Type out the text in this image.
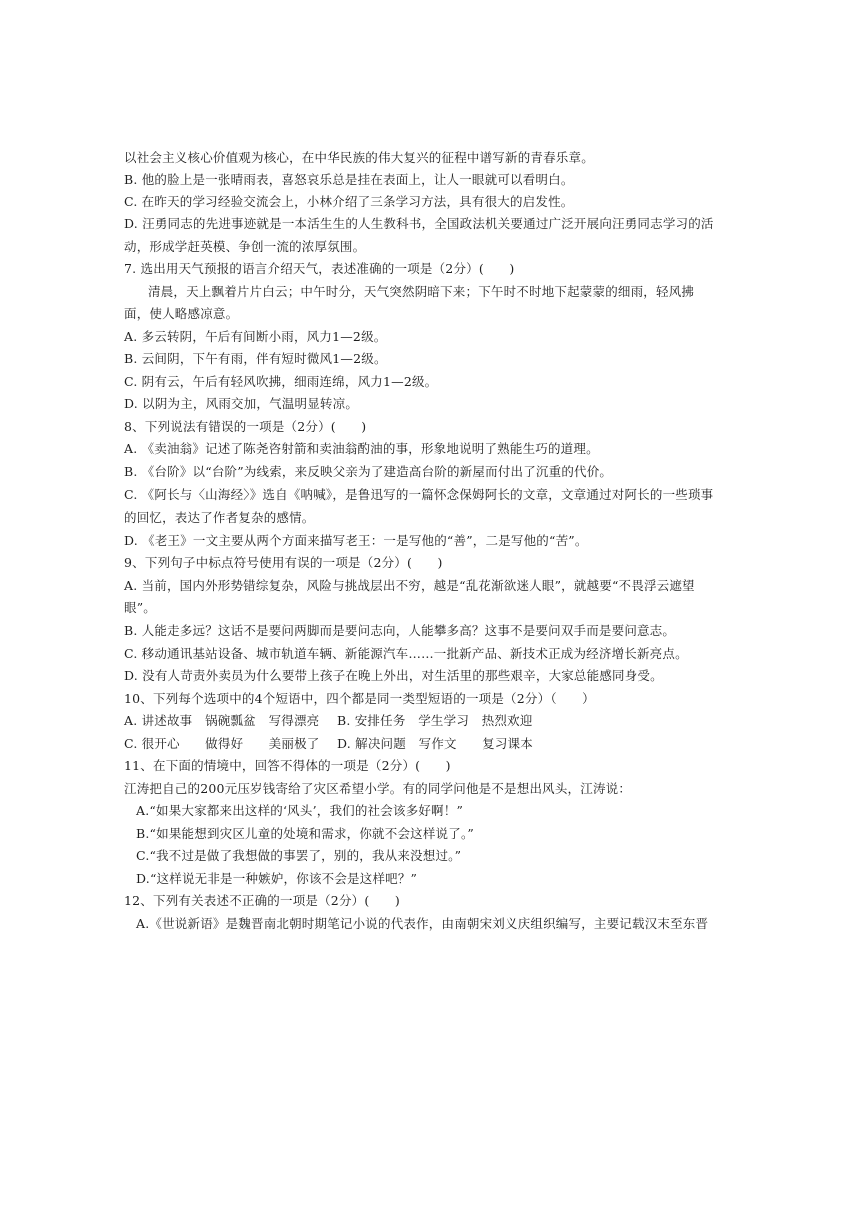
以社会主义核心价值观为核心，在中华民族的伟大复兴的征程中谱写新的青春乐章。
B. 他的脸上是一张晴雨表，喜怒哀乐总是挂在表面上，让人一眼就可以看明白。
C. 在昨天的学习经验交流会上，小林介绍了三条学习方法，具有很大的启发性。
D. 汪勇同志的先进事迹就是一本活生生的人生教科书，全国政法机关要通过广泛开展向汪勇同志学习的活
动，形成学赶英模、争创一流的浓厚氛围。
7. 选出用天气预报的语言介绍天气，表述准确的一项是（2分）(　　)
清晨，天上飘着片片白云；中午时分，天气突然阴暗下来；下午时不时地下起蒙蒙的细雨，轻风拂
面，使人略感凉意。
A. 多云转阴，午后有间断小雨，风力1—2级。
B. 云间阴，下午有雨，伴有短时微风1—2级。
C. 阴有云，午后有轻风吹拂，细雨连绵，风力1—2级。
D. 以阴为主，风雨交加，气温明显转凉。
8、下列说法有错误的一项是（2分）(　　)
A. 《卖油翁》记述了陈尧咨射箭和卖油翁酌油的事，形象地说明了熟能生巧的道理。
B. 《台阶》以“台阶”为线索，来反映父亲为了建造高台阶的新屋而付出了沉重的代价。
C. 《阿长与〈山海经〉》选自《呐喊》，是鲁迅写的一篇怀念保姆阿长的文章，文章通过对阿长的一些琐事
的回忆，表达了作者复杂的感情。
D. 《老王》一文主要从两个方面来描写老王：一是写他的“善”，二是写他的“苦”。
9、下列句子中标点符号使用有误的一项是（2分）(　　)
A. 当前，国内外形势错综复杂，风险与挑战层出不穷，越是“乱花渐欲迷人眼”，就越要“不畏浮云遮望
眼”。
B. 人能走多远？这话不是要问两脚而是要问志向，人能攀多高？这事不是要问双手而是要问意志。
C. 移动通讯基站设备、城市轨道车辆、新能源汽车……一批新产品、新技术正成为经济增长新亮点。
D. 没有人苛责外卖员为什么要带上孩子在晚上外出，对生活里的那些艰辛，大家总能感同身受。
10、下列每个选项中的4个短语中，四个都是同一类型短语的一项是（2分）（　　）
A. 讲述故事　锅碗瓢盆　写得漂亮 B. 安排任务　学生学习　热烈欢迎
C. 很开心　　做得好　　美丽极了 D. 解决问题　写作文　　复习课本
11、在下面的情境中，回答不得体的一项是（2分）(　　)
江涛把自己的200元压岁钱寄给了灾区希望小学。有的同学问他是不是想出风头，江涛说：
A.“如果大家都来出这样的‘风头’，我们的社会该多好啊！”
B.“如果能想到灾区儿童的处境和需求，你就不会这样说了。”
C.“我不过是做了我想做的事罢了，别的，我从来没想过。”
D.“这样说无非是一种嫉妒，你该不会是这样吧？”
12、下列有关表述不正确的一项是（2分）(　　)
A.《世说新语》是魏晋南北朝时期笔记小说的代表作，由南朝宋刘义庆组织编写，主要记载汉末至东晋
